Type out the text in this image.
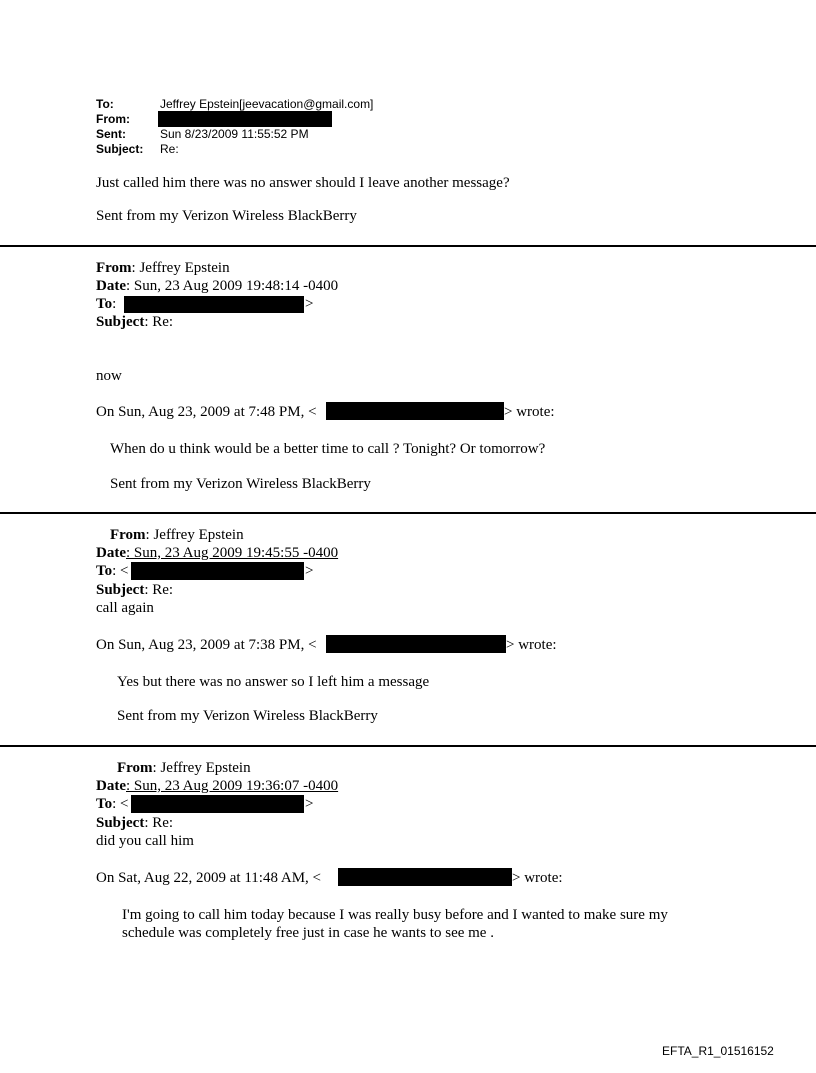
To:	Jeffrey Epstein[jeevacation@gmail.com]
From:
Sent:	Sun 8/23/2009 11:55:52 PM
Subject: Re:
Just called him there was no answer should I leave another message?
Sent from my Verizon Wireless BlackBerry
From: Jeffrey Epstein
Date: Sun, 23 Aug 2009 19:48:14 -0400
To:	>
Subject: Re:
now
On Sun, Aug 23, 2009 at 7:48 PM, <	> wrote:
When do u think would be a better time to call ? Tonight? Or tomorrow?
Sent from my Verizon Wireless BlackBerry
From: Jeffrey Epstein
Date: Sun, 23 Aug 2009 19:45:55 -0400
To: <	>
Subject: Re:
call again
On Sun, Aug 23, 2009 at 7:38 PM, <	> wrote:
Yes but there was no answer so I left him a message
Sent from my Verizon Wireless BlackBerry
From: Jeffrey Epstein
Date: Sun, 23 Aug 2009 19:36:07 -0400
To: <	>
Subject: Re:
did you call him
On Sat, Aug 22, 2009 at 11:48 AM, <	> wrote:
I'm going to call him today because I was really busy before and I wanted to make sure my
schedule was completely free just in case he wants to see me .
EFTA_R1_01516152
